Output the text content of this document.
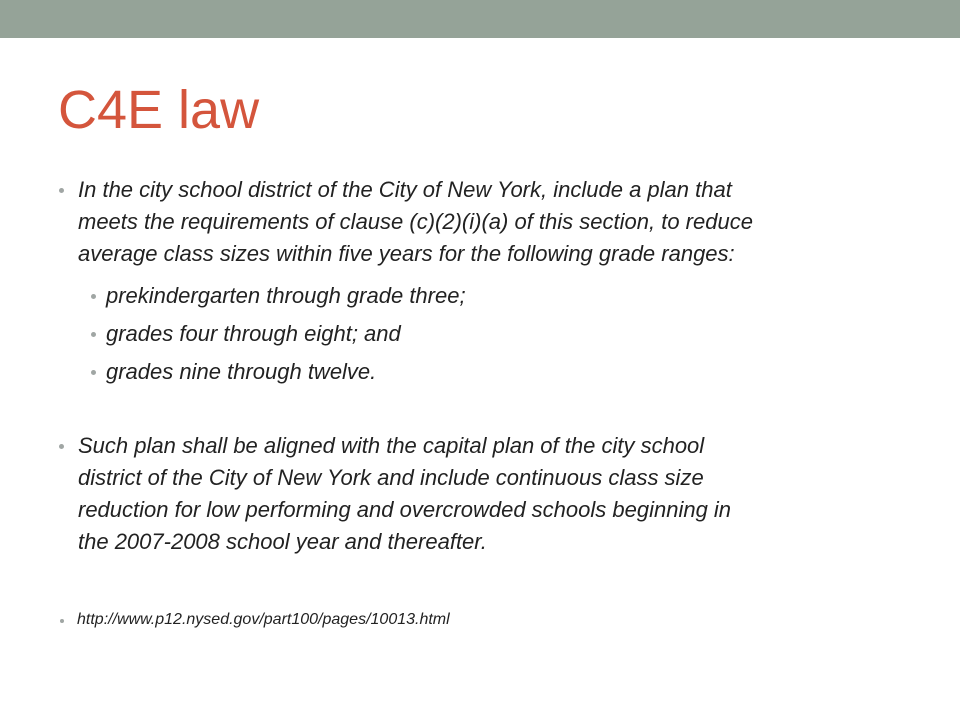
C4E law
In the city school district of the City of New York, include a plan that
meets the requirements of clause (c)(2)(i)(a) of this section, to reduce
average class sizes within five years for the following grade ranges:
prekindergarten through grade three;
grades four through eight; and
grades nine through twelve.
Such plan shall be aligned with the capital plan of the city school
district of the City of New York and include continuous class size
reduction for low performing and overcrowded schools beginning in
the 2007-2008 school year and thereafter.
http://www.p12.nysed.gov/part100/pages/10013.html
